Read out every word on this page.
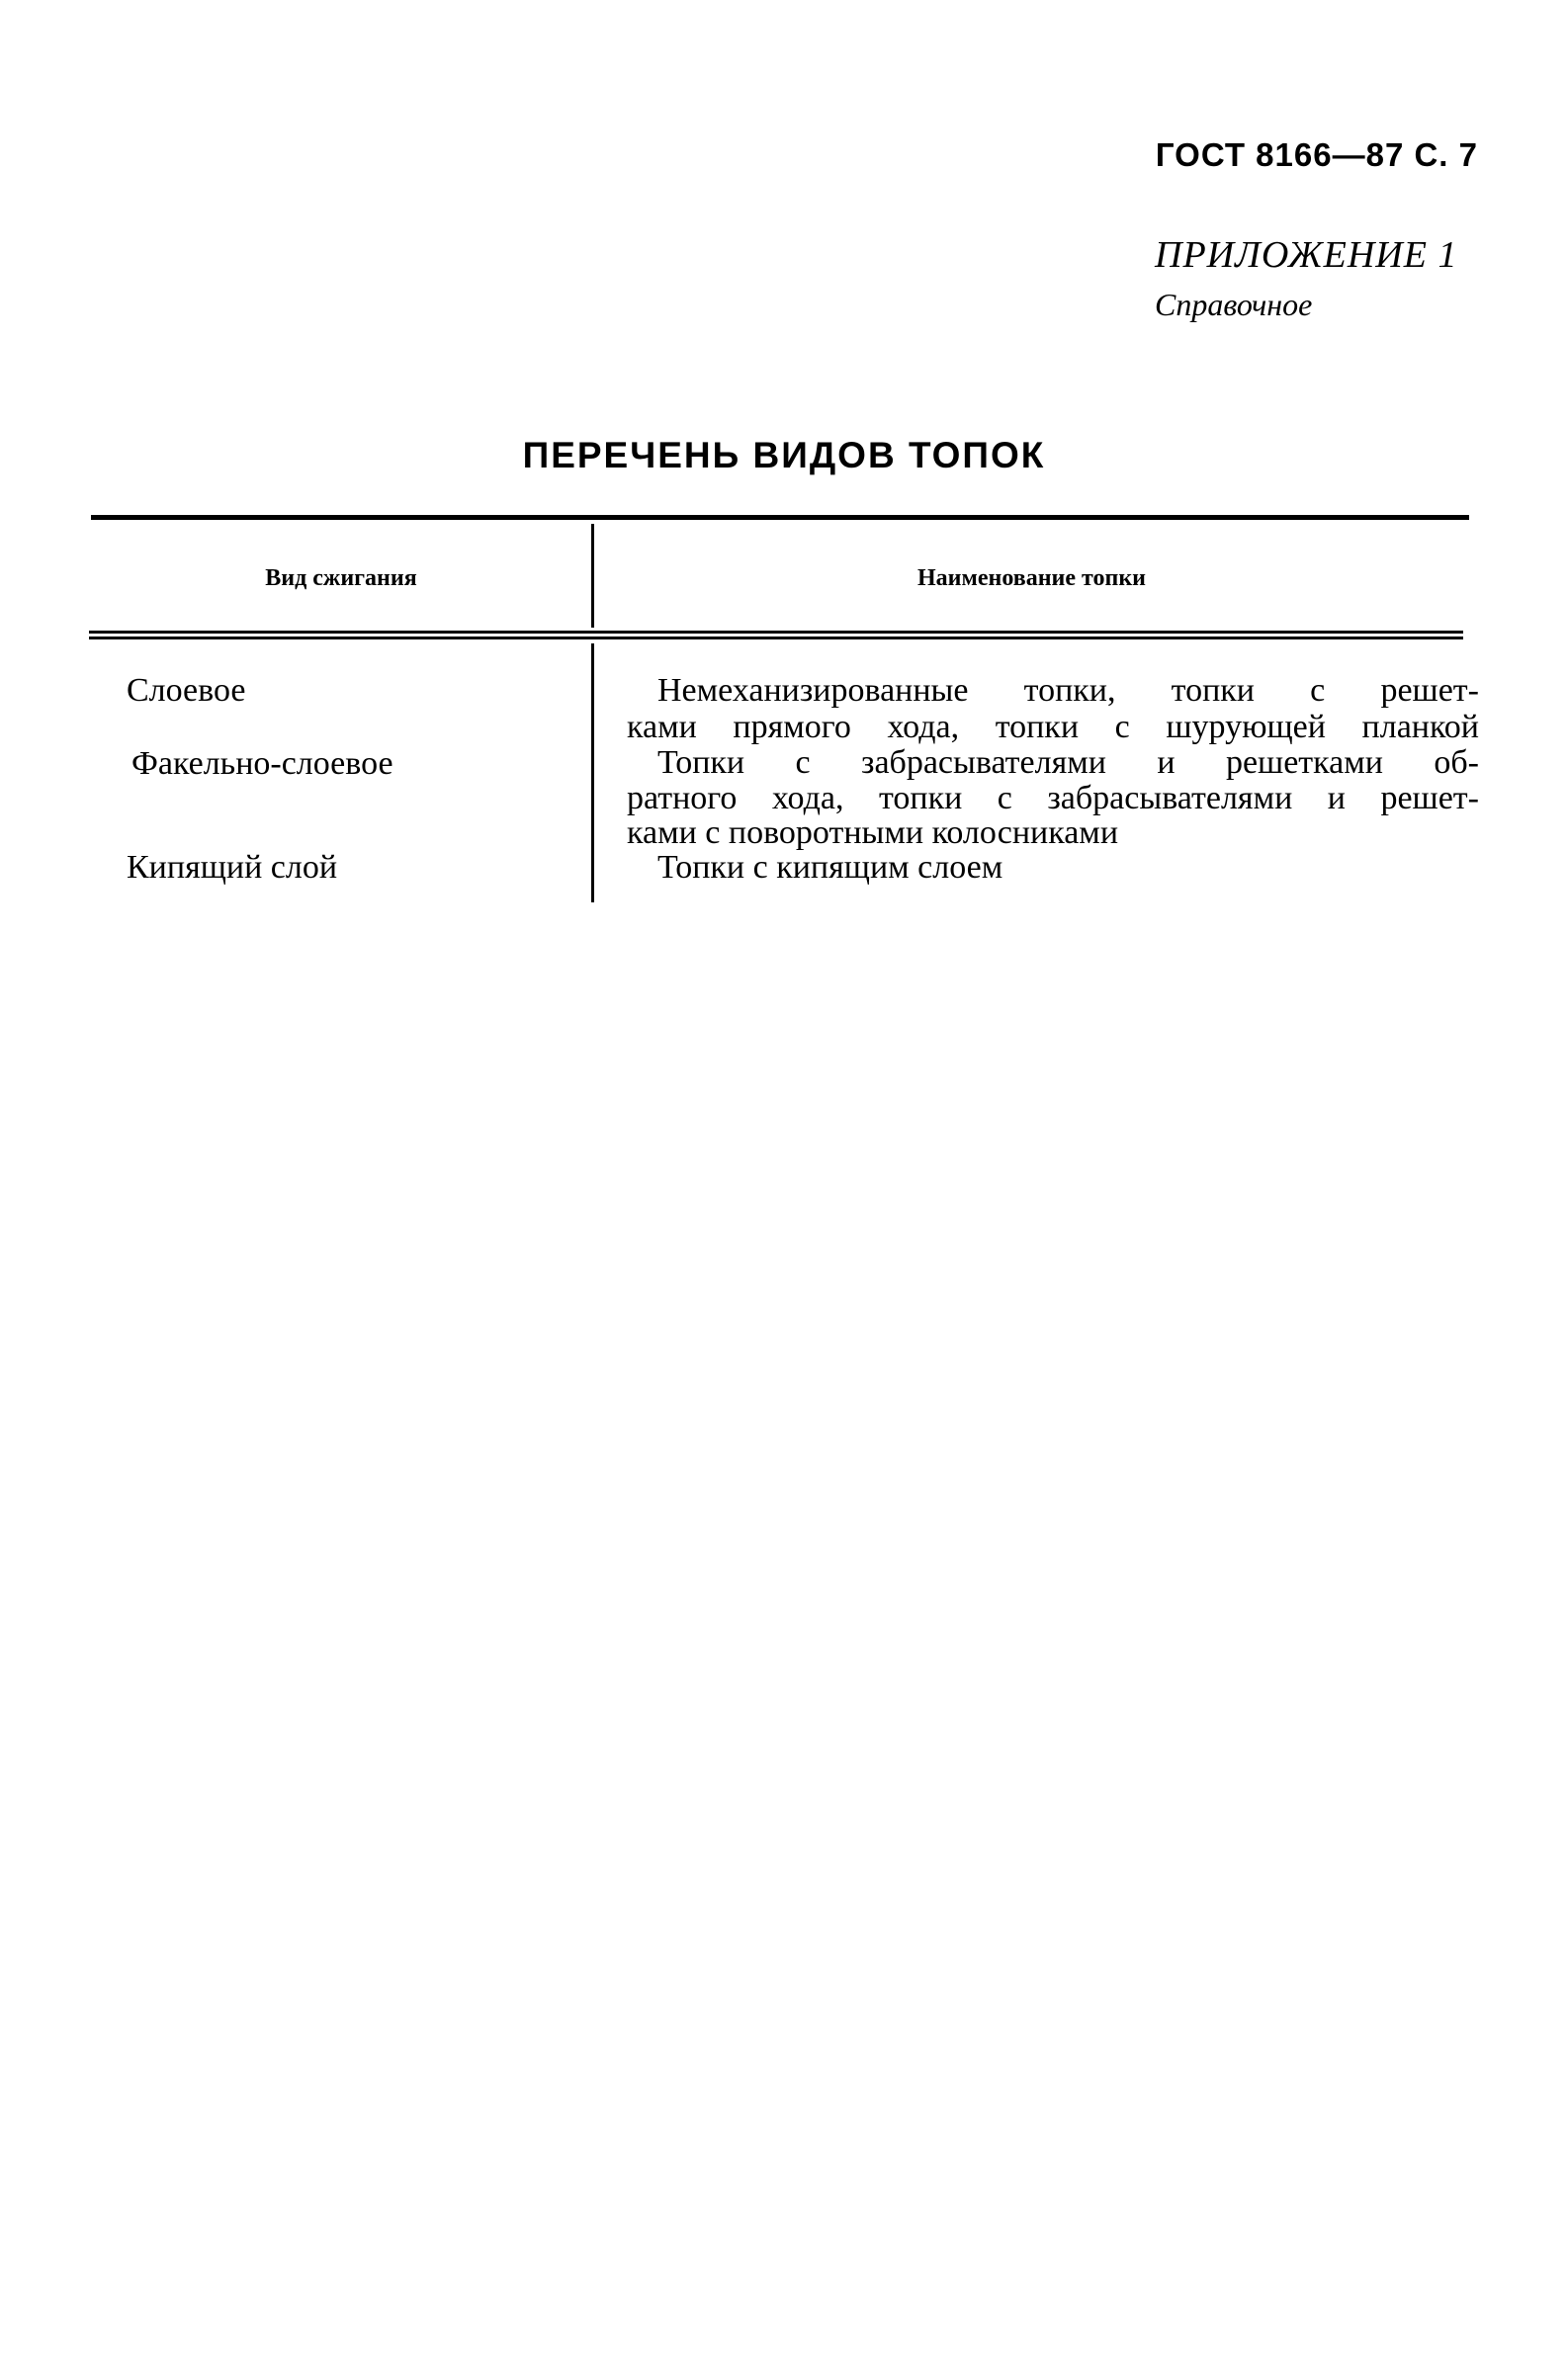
ГОСТ 8166—87 С. 7
ПРИЛОЖЕНИЕ 1
Справочное
ПЕРЕЧЕНЬ ВИДОВ ТОПОК
Вид сжигания	Наименование топки
Слоевое	Немеханизированные топки, топки с решет-
ками прямого хода, топки с шурующей планкой
Факельно-слоевое	Топки с забрасывателями и решетками об-
ратного хода, топки с забрасывателями и решет-
ками с поворотными колосниками
Кипящий слой	Топки с кипящим слоем
